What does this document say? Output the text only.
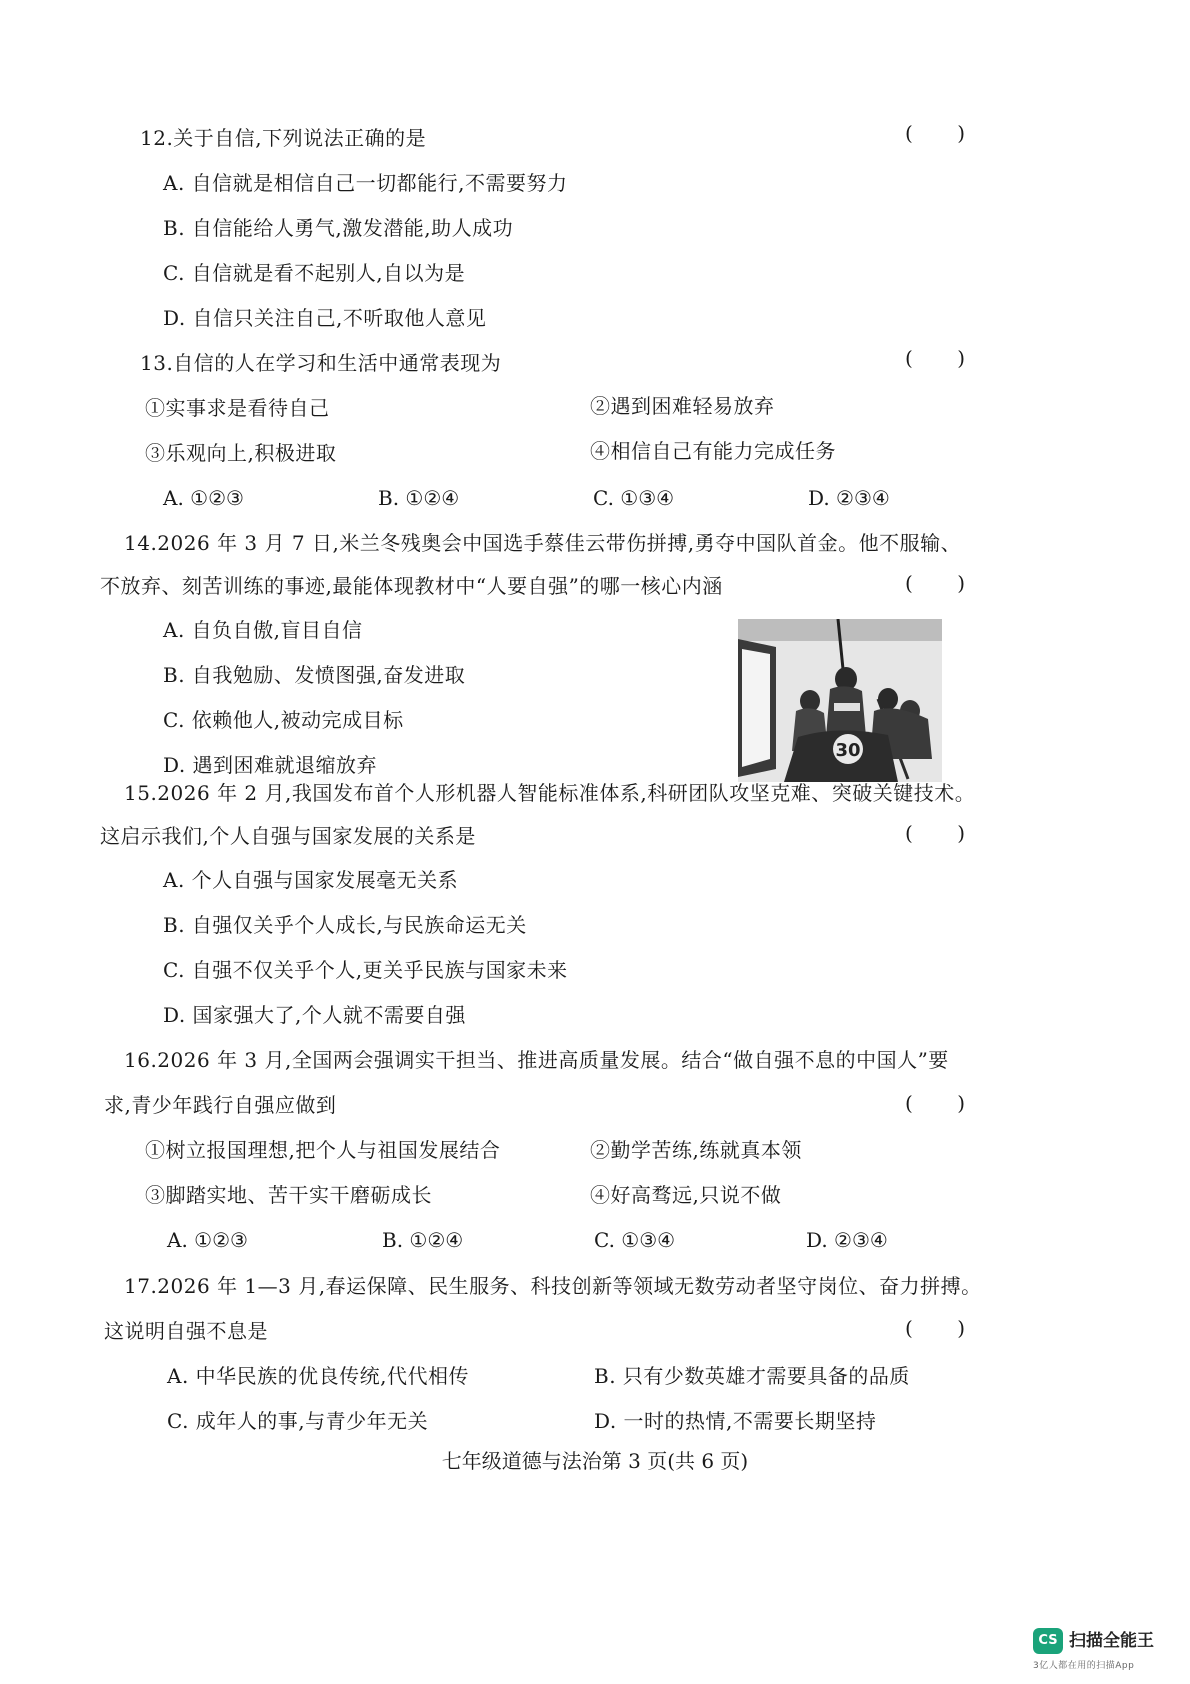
12.关于自信,下列说法正确的是	(       )
A. 自信就是相信自己一切都能行,不需要努力
B. 自信能给人勇气,激发潜能,助人成功
C. 自信就是看不起别人,自以为是
D. 自信只关注自己,不听取他人意见
13.自信的人在学习和生活中通常表现为	(       )
①实事求是看待自己	②遇到困难轻易放弃
③乐观向上,积极进取	④相信自己有能力完成任务
A. ①②③	B. ①②④	C. ①③④	D. ②③④
14.2026 年 3 月 7 日,米兰冬残奥会中国选手蔡佳云带伤拼搏,勇夺中国队首金。他不服输、
不放弃、刻苦训练的事迹,最能体现教材中“人要自强”的哪一核心内涵	(       )
A. 自负自傲,盲目自信
B. 自我勉励、发愤图强,奋发进取
C. 依赖他人,被动完成目标
D. 遇到困难就退缩放弃
30
15.2026 年 2 月,我国发布首个人形机器人智能标准体系,科研团队攻坚克难、突破关键技术。
这启示我们,个人自强与国家发展的关系是	(       )
A. 个人自强与国家发展毫无关系
B. 自强仅关乎个人成长,与民族命运无关
C. 自强不仅关乎个人,更关乎民族与国家未来
D. 国家强大了,个人就不需要自强
16.2026 年 3 月,全国两会强调实干担当、推进高质量发展。结合“做自强不息的中国人”要
求,青少年践行自强应做到	(       )
①树立报国理想,把个人与祖国发展结合	②勤学苦练,练就真本领
③脚踏实地、苦干实干磨砺成长	④好高骛远,只说不做
A. ①②③	B. ①②④	C. ①③④	D. ②③④
17.2026 年 1—3 月,春运保障、民生服务、科技创新等领域无数劳动者坚守岗位、奋力拼搏。
这说明自强不息是	(       )
A. 中华民族的优良传统,代代相传	B. 只有少数英雄才需要具备的品质
C. 成年人的事,与青少年无关	D. 一时的热情,不需要长期坚持
七年级道德与法治第 3 页(共 6 页)
CS 扫描全能王
3亿人都在用的扫描App
